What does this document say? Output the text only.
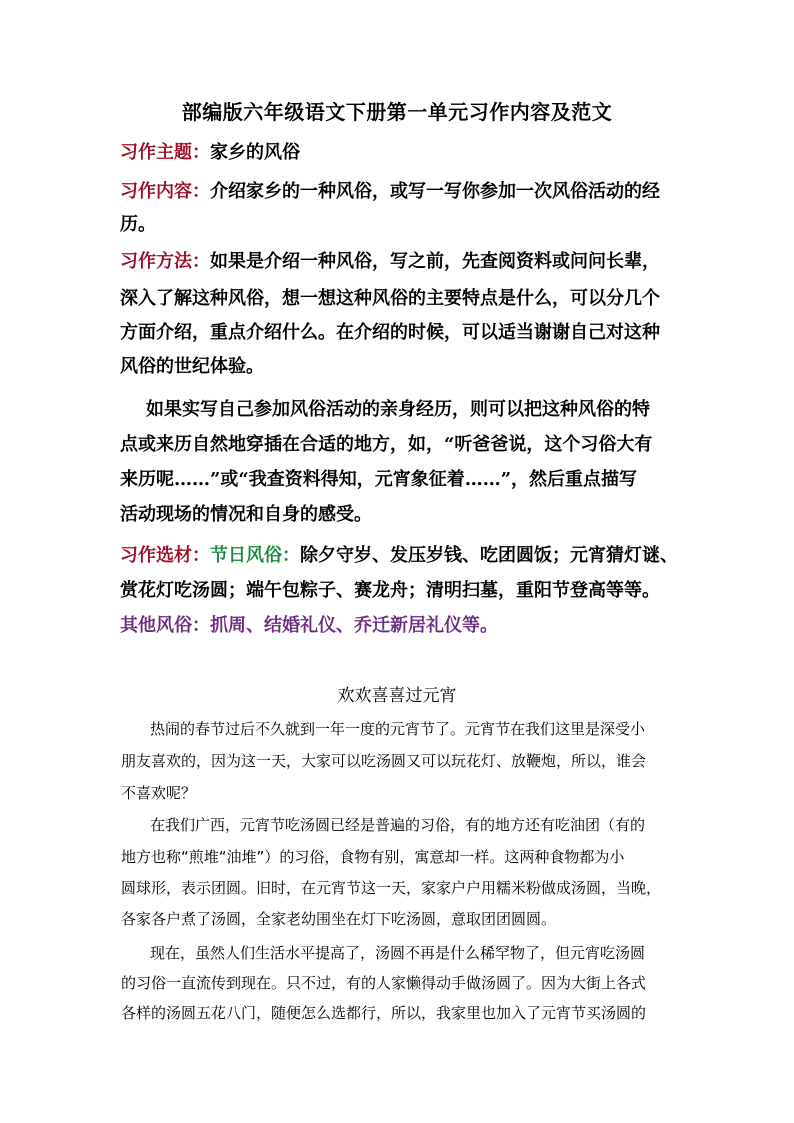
部编版六年级语文下册第一单元习作内容及范文
习作主题：家乡的风俗
习作内容：介绍家乡的一种风俗，或写一写你参加一次风俗活动的经
历。
习作方法：如果是介绍一种风俗，写之前，先查阅资料或问问长辈，
深入了解这种风俗，想一想这种风俗的主要特点是什么，可以分几个
方面介绍，重点介绍什么。在介绍的时候，可以适当谢谢自己对这种
风俗的世纪体验。
如果实写自己参加风俗活动的亲身经历，则可以把这种风俗的特
点或来历自然地穿插在合适的地方，如，“听爸爸说，这个习俗大有
来历呢……”或“我查资料得知，元宵象征着……”，然后重点描写
活动现场的情况和自身的感受。
习作选材：节日风俗：除夕守岁、发压岁钱、吃团圆饭；元宵猜灯谜、
赏花灯吃汤圆；端午包粽子、赛龙舟；清明扫墓，重阳节登高等等。
其他风俗：抓周、结婚礼仪、乔迁新居礼仪等。
欢欢喜喜过元宵
热闹的春节过后不久就到一年一度的元宵节了。元宵节在我们这里是深受小
朋友喜欢的，因为这一天，大家可以吃汤圆又可以玩花灯、放鞭炮，所以，谁会
不喜欢呢？
在我们广西，元宵节吃汤圆已经是普遍的习俗，有的地方还有吃油团（有的
地方也称“煎堆“油堆”）的习俗，食物有别，寓意却一样。这两种食物都为小
圆球形，表示团圆。旧时，在元宵节这一天，家家户户用糯米粉做成汤圆，当晚，
各家各户煮了汤圆，全家老幼围坐在灯下吃汤圆，意取团团圆圆。
现在，虽然人们生活水平提高了，汤圆不再是什么稀罕物了，但元宵吃汤圆
的习俗一直流传到现在。只不过，有的人家懒得动手做汤圆了。因为大街上各式
各样的汤圆五花八门，随便怎么选都行，所以，我家里也加入了元宵节买汤圆的
